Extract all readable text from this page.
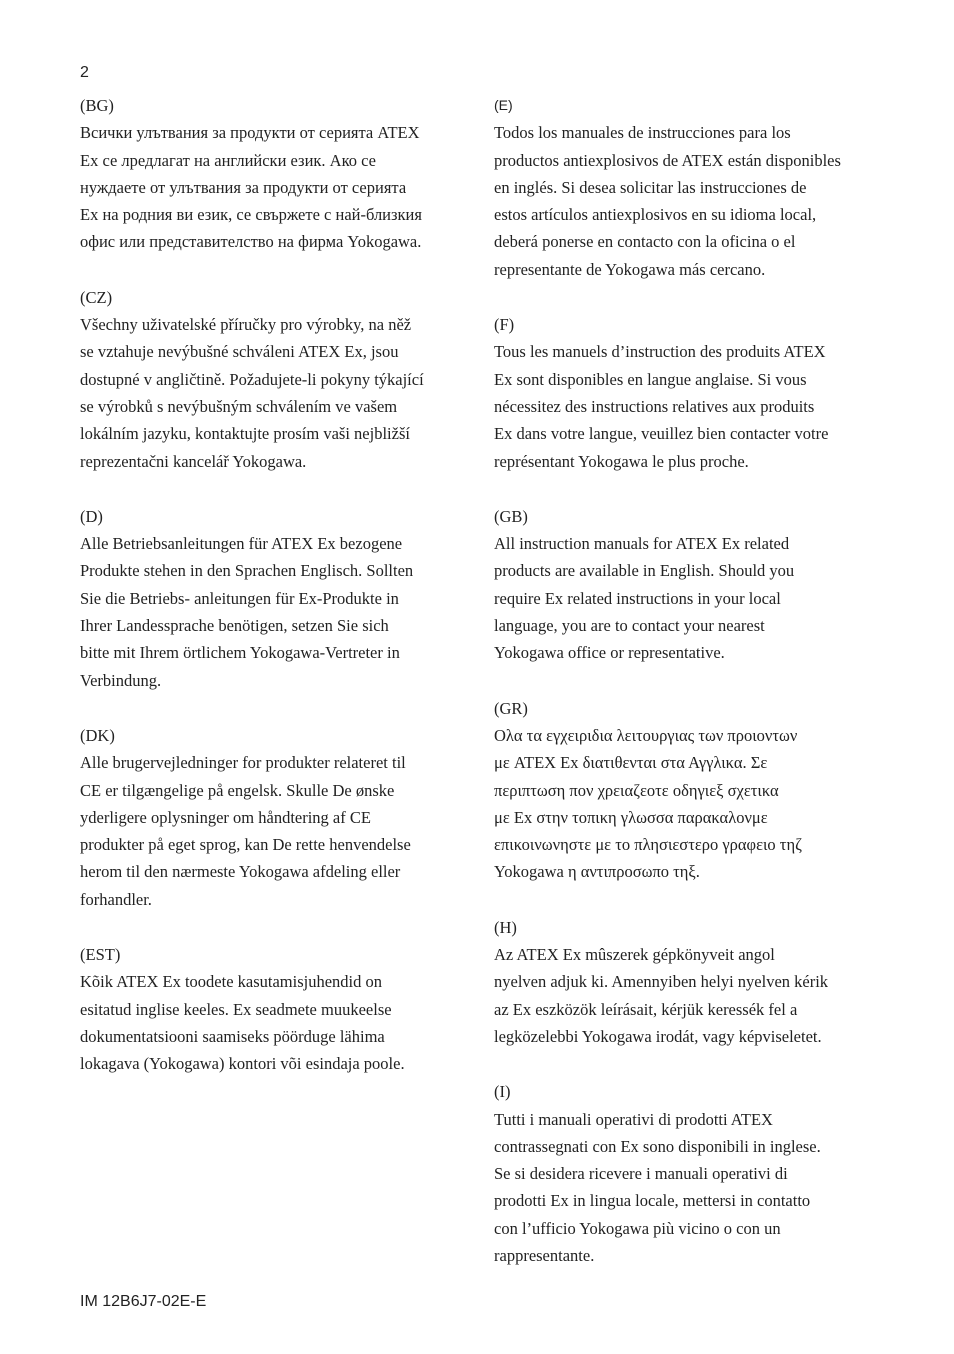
2

(BG)

Всички улътвания за продукти от серията ATEX
Ex се лредлагат на английски език. Ако се
нуждаете от улътвания за продукти от серията
Ex на родния ви език, се свържете с най-близкия
офис или представителство на фирма Yokogawa.

(CZ)

Všechny uživatelské příručky pro výrobky, na něž
se vztahuje nevýbušné schváleni ATEX Ex, jsou
dostupné v angličtině. Požadujete-li pokyny týkající
se výrobků s nevýbušným schválením ve vašem
lokálním jazyku, kontaktujte prosím vaši nejbližší
reprezentačni kancelář Yokogawa.

(D)

Alle Betriebsanleitungen für ATEX Ex bezogene
Produkte stehen in den Sprachen Englisch. Sollten
Sie die Betriebs- anleitungen für Ex-Produkte in
Ihrer Landessprache benötigen, setzen Sie sich
bitte mit Ihrem örtlichem Yokogawa-Vertreter in
Verbindung.

(DK)

Alle brugervejledninger for produkter relateret til
CE er tilgængelige på engelsk. Skulle De ønske
yderligere oplysninger om håndtering af CE
produkter på eget sprog, kan De rette henvendelse
herom til den nærmeste Yokogawa afdeling eller
forhandler.

(EST)

Kõik ATEX Ex toodete kasutamisjuhendid on
esitatud inglise keeles. Ex seadmete muukeelse
dokumentatsiooni saamiseks pöörduge lähima
lokagava (Yokogawa) kontori või esindaja poole.

(E)

Todos los manuales de instrucciones para los
productos antiexplosivos de ATEX están disponibles
en inglés. Si desea solicitar las instrucciones de
estos artículos antiexplosivos en su idioma local,
deberá ponerse en contacto con la oficina o el
representante de Yokogawa más cercano.

(F)

Tous les manuels d’instruction des produits ATEX
Ex sont disponibles en langue anglaise. Si vous
nécessitez des instructions relatives aux produits
Ex dans votre langue, veuillez bien contacter votre
représentant Yokogawa le plus proche.

(GB)

All instruction manuals for ATEX Ex related
products are available in English. Should you
require Ex related instructions in your local
language, you are to contact your nearest
Yokogawa office or representative.

(GR)

Ολα τα εγχειριδια λειτουργιας των προιοντων
με ATEX Ex διατιθενται στα Αγγλικα. Σε
περιπτωση πον χρειαζεοτε οδηγιεξ σχετικα
με Ex στην τοπικη γλωσσα παρακαλονμε
επικοινωνηστε με το πλησιεστερο γραφειο τηζ
Yokogawa η αντιπροσωπο τηξ.

(H)

Az ATEX Ex mûszerek gépkönyveit angol
nyelven adjuk ki. Amennyiben helyi nyelven kérik
az Ex eszközök leírásait, kérjük keressék fel a
legközelebbi Yokogawa irodát, vagy képviseletet.

(I)

Tutti i manuali operativi di prodotti ATEX
contrassegnati con Ex sono disponibili in inglese.
Se si desidera ricevere i manuali operativi di
prodotti Ex in lingua locale, mettersi in contatto
con l’ufficio Yokogawa più vicino o con un
rappresentante.

IM 12B6J7-02E-E
